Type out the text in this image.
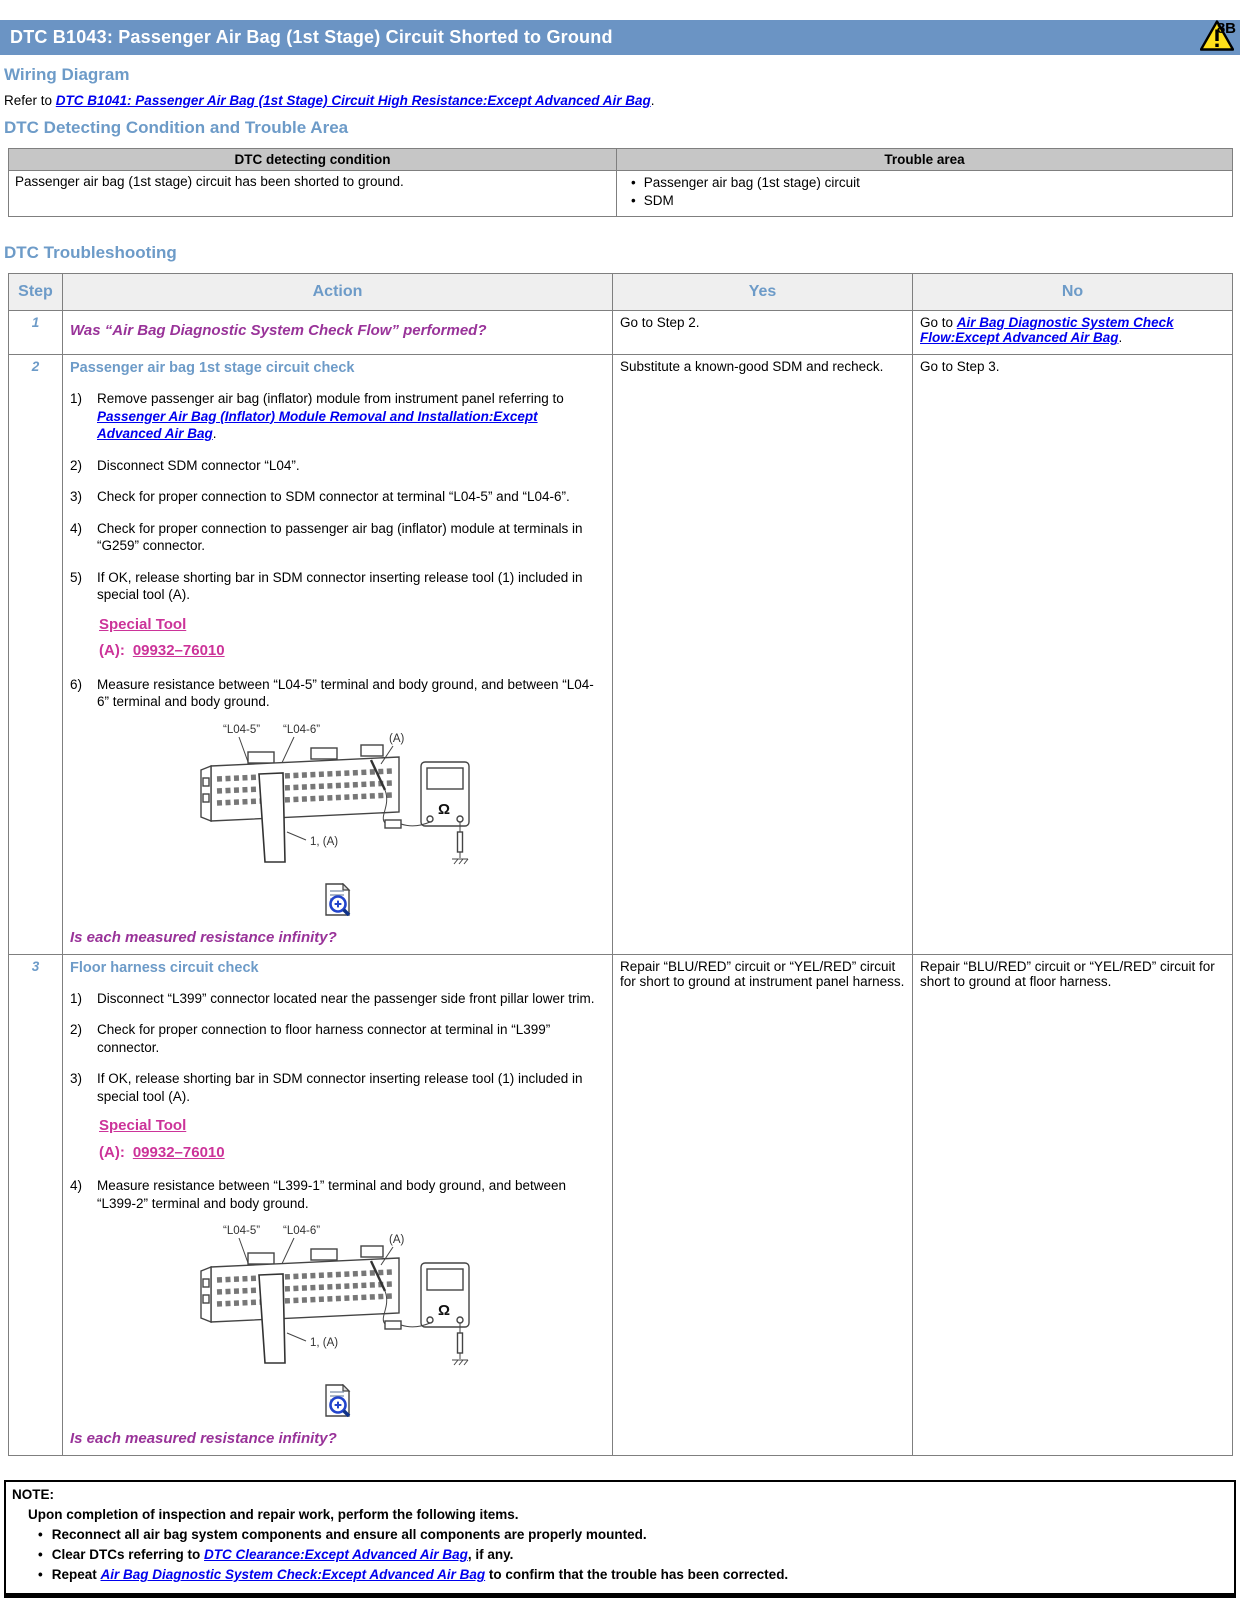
8B
DTC B1043: Passenger Air Bag (1st Stage) Circuit Shorted to Ground
Wiring Diagram

Refer to DTC B1041: Passenger Air Bag (1st Stage) Circuit High Resistance:Except Advanced Air Bag.

DTC Detecting Condition and Trouble Area
DTC detecting condition	Trouble area
Passenger air bag (1st stage) circuit has been shorted to ground.	• Passenger air bag (1st stage) circuit
• SDM
DTC Troubleshooting
Step	Action	Yes	No
1	Was “Air Bag Diagnostic System Check Flow” performed?	Go to Step 2.	Go to Air Bag Diagnostic System Check Flow:Except Advanced Air Bag.
2	Passenger air bag 1st stage circuit check
1)	Remove passenger air bag (inflator) module from instrument panel referring to Passenger Air Bag (Inflator) Module Removal and Installation:Except Advanced Air Bag.
2)	Disconnect SDM connector “L04”.
3)	Check for proper connection to SDM connector at terminal “L04-5” and “L04-6”.
4)	Check for proper connection to passenger air bag (inflator) module at terminals in “G259” connector.
5)	If OK, release shorting bar in SDM connector inserting release tool (1) included in special tool (A).
Special Tool
(A): 09932–76010
6)	Measure resistance between “L04-5” terminal and body ground, and between “L04-6” terminal and body ground.
“L04-5” “L04-6”
1, (A)
Ω
(A)
Is each measured resistance infinity?
	Substitute a known-good SDM and recheck.	Go to Step 3.
3	Floor harness circuit check
1)	Disconnect “L399” connector located near the passenger side front pillar lower trim.
2)	Check for proper connection to floor harness connector at terminal in “L399” connector.
3)	If OK, release shorting bar in SDM connector inserting release tool (1) included in special tool (A).
Special Tool
(A): 09932–76010
4)	Measure resistance between “L399-1” terminal and body ground, and between “L399-2” terminal and body ground.
“L04-5” “L04-6”
1, (A)
Ω
(A)
Is each measured resistance infinity?
	Repair “BLU/RED” circuit or “YEL/RED” circuit for short to ground at instrument panel harness.	Repair “BLU/RED” circuit or “YEL/RED” circuit for short to ground at floor harness.
NOTE:
Upon completion of inspection and repair work, perform the following items.
• Reconnect all air bag system components and ensure all components are properly mounted.
• Clear DTCs referring to DTC Clearance:Except Advanced Air Bag, if any.
• Repeat Air Bag Diagnostic System Check:Except Advanced Air Bag to confirm that the trouble has been corrected.
